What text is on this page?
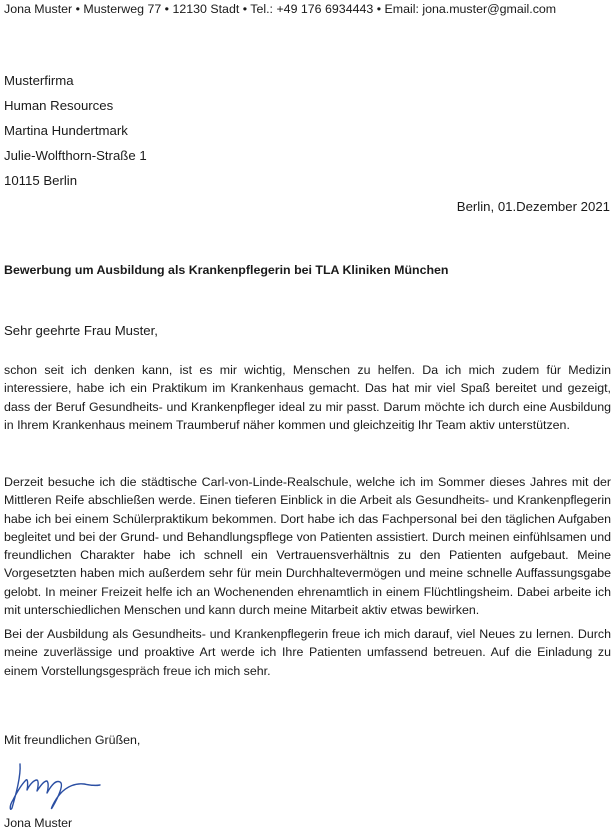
Jona Muster • Musterweg 77 • 12130 Stadt • Tel.: +49 176 6934443 • Email: jona.muster@gmail.com
Musterfirma
Human Resources
Martina Hundertmark
Julie-Wolfthorn-Straße 1
10115 Berlin
Berlin, 01.Dezember 2021
Bewerbung um Ausbildung als Krankenpflegerin bei TLA Kliniken München
Sehr geehrte Frau Muster,
schon seit ich denken kann, ist es mir wichtig, Menschen zu helfen. Da ich mich zudem für Medizin interessiere, habe ich ein Praktikum im Krankenhaus gemacht. Das hat mir viel Spaß bereitet und gezeigt, dass der Beruf Gesundheits- und Krankenpfleger ideal zu mir passt. Darum möchte ich durch eine Ausbildung in Ihrem Krankenhaus meinem Traumberuf näher kommen und gleichzeitig Ihr Team aktiv unterstützen.
Derzeit besuche ich die städtische Carl-von-Linde-Realschule, welche ich im Sommer dieses Jahres mit der Mittleren Reife abschließen werde. Einen tieferen Einblick in die Arbeit als Gesundheits- und Krankenpflegerin habe ich bei einem Schülerpraktikum bekommen. Dort habe ich das Fachpersonal bei den täglichen Aufgaben begleitet und bei der Grund- und Behandlungspflege von Patienten assistiert. Durch meinen einfühlsamen und freundlichen Charakter habe ich schnell ein Vertrauensverhältnis zu den Patienten aufgebaut. Meine Vorgesetzten haben mich außerdem sehr für mein Durchhaltevermögen und meine schnelle Auffassungsgabe gelobt. In meiner Freizeit helfe ich an Wochenenden ehrenamtlich in einem Flüchtlingsheim. Dabei arbeite ich mit unterschiedlichen Menschen und kann durch meine Mitarbeit aktiv etwas bewirken.
Bei der Ausbildung als Gesundheits- und Krankenpflegerin freue ich mich darauf, viel Neues zu lernen. Durch meine zuverlässige und proaktive Art werde ich Ihre Patienten umfassend betreuen. Auf die Einladung zu einem Vorstellungsgespräch freue ich mich sehr.
Mit freundlichen Grüßen,
Jona Muster
